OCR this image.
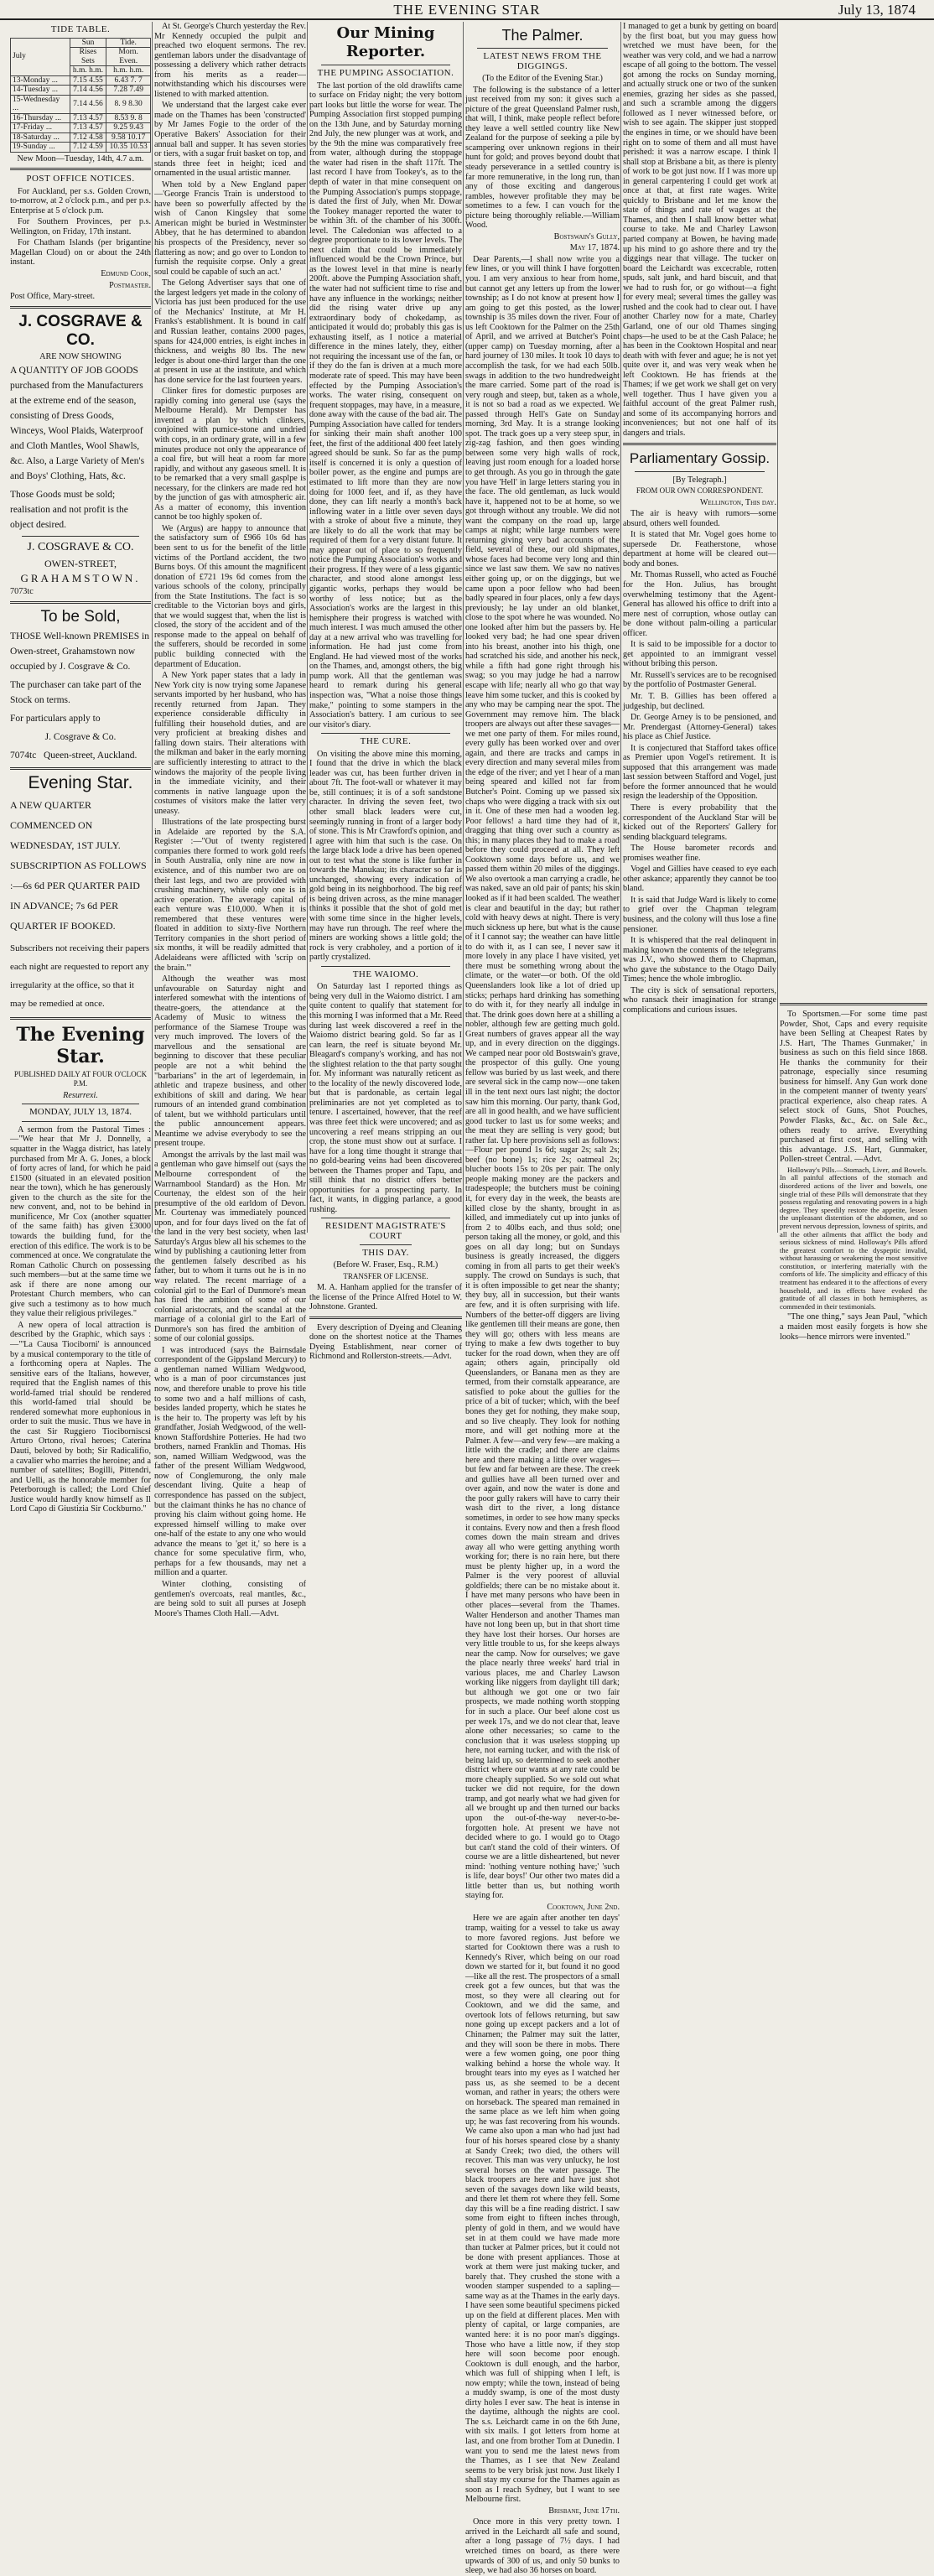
THE EVENING STAR	July 13, 1874
TIDE TABLE.
July	Sun	Tide.
	Rises Sets	Morn. Even.
	h.m. h.m.	h.m. h.m.
13-Monday ...	7.15 4.55	6.43 7. 7
14-Tuesday ...	7.14 4.56	7.28 7.49
15-Wednesday ...	7.14 4.56	8. 9 8.30
16-Thursday ...	7.13 4.57	8.53 9. 8
17-Friday ...	7.13 4.57	9.25 9.43
18-Saturday ...	7.12 4.58	9.58 10.17
19-Sunday ...	7.12 4.59	10.35 10.53

New Moon—Tuesday, 14th, 4.7 a.m.

POST OFFICE NOTICES.

For Auckland, per s.s. Golden Crown, to-morrow, at 2 o'clock p.m., and per p.s. Enterprise at 5 o'clock p.m.

For Southern Provinces, per p.s. Wellington, on Friday, 17th instant.

For Chatham Islands (per brigantine Magellan Cloud) on or about the 24th instant.

Edmund Cook,

Postmaster.

Post Office, Mary-street.

J. COSGRAVE & CO.

ARE NOW SHOWING

A QUANTITY OF JOB GOODS purchased from the Manufacturers at the extreme end of the season, consisting of Dress Goods, Winceys, Wool Plaids, Waterproof and Cloth Mantles, Wool Shawls, &c. Also, a Large Variety of Men's and Boys' Clothing, Hats, &c.

Those Goods must be sold; realisation and not profit is the object desired.

J. COSGRAVE & CO.

OWEN-STREET,

GRAHAMSTOWN.

7073tc

To be Sold,

THOSE Well-known PREMISES in Owen-street, Grahamstown now occupied by J. Cosgrave & Co.

The purchaser can take part of the Stock on terms.

For particulars apply to

J. Cosgrave & Co.

7074tc Queen-street, Auckland.

Evening Star.

A NEW QUARTER COMMENCED ON WEDNESDAY, 1ST JULY. SUBSCRIPTION AS FOLLOWS :—6s 6d PER QUARTER PAID IN ADVANCE; 7s 6d PER QUARTER IF BOOKED.

Subscribers not receiving their papers each night are requested to report any irregularity at the office, so that it may be remedied at once.

The Evening Star.

PUBLISHED DAILY AT FOUR O'CLOCK P.M.

Resurrexi.

MONDAY, JULY 13, 1874.

A sermon from the Pastoral Times :—"We hear that Mr J. Donnelly, a squatter in the Wagga district, has lately purchased from Mr A. G. Jones, a block of forty acres of land, for which he paid £1500 (situated in an elevated position near the town), which he has generously given to the church as the site for the new convent, and, not to be behind in munificence, Mr Cox (another squatter of the same faith) has given £3000 towards the building fund, for the erection of this edifice. The work is to be commenced at once. We congratulate the Roman Catholic Church on possessing such members—but at the same time we ask if there are none among our Protestant Church members, who can give such a testimony as to how much they value their religious privileges."

A new opera of local attraction is described by the Graphic, which says :—"'La Causa Tiociborni' is announced by a musical contemporary to the title of a forthcoming opera at Naples. The sensitive ears of the Italians, however, required that the English names of this world-famed trial should be rendered this world-famed trial should be rendered somewhat more euphonious in order to suit the music. Thus we have in the cast Sir Ruggiero Tiociborniscsi Arturo Ortono, rival heroes; Caterina Dauti, beloved by both; Sir Radicalifio, a cavalier who marries the heroine; and a number of satellites; Bogilli, Pittendri, and Uelli, as the honorable member for Peterborough is called; the Lord Chief Justice would hardly know himself as Il Lord Capo di Giustizia Sir Cockburno."

At St. George's Church yesterday the Rev. Mr Kennedy occupied the pulpit and preached two eloquent sermons. The rev. gentleman labors under the disadvantage of possessing a delivery which rather detracts from his merits as a reader—notwithstanding which his discourses were listened to with marked attention.

We understand that the largest cake ever made on the Thames has been 'constructed' by Mr James Fogie to the order of the Operative Bakers' Association for their annual ball and supper. It has seven stories or tiers, with a sugar fruit basket on top, and stands three feet in height; iced and ornamented in the usual artistic manner.

When told by a New England paper—'George Francis Train is understood to have been so powerfully affected by the wish of Canon Kingsley that some American might be buried in Westminster Abbey, that he has determined to abandon his prospects of the Presidency, never so flattering as now; and go over to London to furnish the requisite corpse. Only a great soul could be capable of such an act.'

The Gelong Advertiser says that one of the largest ledgers yet made in the colony of Victoria has just been produced for the use of the Mechanics' Institute, at Mr H. Franks's establishment. It is bound in calf and Russian leather, contains 2000 pages, spans for 424,000 entries, is eight inches in thickness, and weighs 80 lbs. The new ledger is about one-third larger than the one at present in use at the institute, and which has done service for the last fourteen years.

Clinker fires for domestic purposes are rapidly coming into general use (says the Melbourne Herald). Mr Dempster has invented a plan by which clinkers, conjoined with pumice-stone and undried with cops, in an ordinary grate, will in a few minutes produce not only the appearance of a coal fire, but will heat a room far more rapidly, and without any gaseous smell. It is to be remarked that a very small gasplpe is necessary, for the clinkers are made red hot by the junction of gas with atmospheric air. As a matter of economy, this invention cannot be too highly spoken of.

We (Argus) are happy to announce that the satisfactory sum of £966 10s 6d has been sent to us for the benefit of the little victims of the Portland accident, the two Burns boys. Of this amount the magnificent donation of £721 19s 6d comes from the various schools of the colony, principally from the State Institutions. The fact is so creditable to the Victorian boys and girls, that we would suggest that, when the list is closed, the story of the accident and of the response made to the appeal on behalf of the sufferers, should be recorded in some public building connected with the department of Education.

A New York paper states that a lady in New York city is now trying some Japanese servants imported by her husband, who has recently returned from Japan. They experience considerable difficulty in fulfilling their household duties, and are very proficient at breaking dishes and falling down stairs. Their alterations with the milkman and baker in the early morning are sufficiently interesting to attract to the windows the majority of the people living in the immediate vicinity, and their comments in native language upon the costumes of visitors make the latter very uneasy.

Illustrations of the late prospecting burst in Adelaide are reported by the S.A. Register :—"Out of twenty registered companies there formed to work gold reefs in South Australia, only nine are now in existence, and of this number two are on their last legs, and two are provided with crushing machinery, while only one is in active operation. The average capital of each venture was £10,000. When it is remembered that these ventures were floated in addition to sixty-five Northern Territory companies in the short period of six months, it will be readily admitted that Adelaideans were afflicted with 'scrip on the brain.'"

Although the weather was most unfavourable on Saturday night and interfered somewhat with the intentions of theatre-goers, the attendance at the Academy of Music to witness the performance of the Siamese Troupe was very much improved. The lovers of the marvellous and the sensational are beginning to discover that these peculiar people are not a whit behind the "barbarians" in the art of legerdemain, in athletic and trapeze business, and other exhibitions of skill and daring. We hear rumours of an intended grand combination of talent, but we withhold particulars until the public announcement appears. Meantime we advise everybody to see the present troupe.

Amongst the arrivals by the last mail was a gentleman who gave himself out (says the Melbourne correspondent of the Warrnambool Standard) as the Hon. Mr Courtenay, the eldest son of the heir presumptive of the old earldom of Devon. Mr. Courtenay was immediately pounced upon, and for four days lived on the fat of the land in the very best society, when last Saturday's Argus blew all his schemes to the wind by publishing a cautioning letter from the gentlemen falsely described as his father, but to whom it turns out he is in no way related. The recent marriage of a colonial girl to the Earl of Dunmore's mean has fired the ambition of some of our colonial aristocrats, and the scandal at the marriage of a colonial girl to the Earl of Dunmore's son has fired the ambition of some of our colonial gossips.

I was introduced (says the Bairnsdale correspondent of the Gippsland Mercury) to a gentleman named William Wedgwood, who is a man of poor circumstances just now, and therefore unable to prove his title to some two and a half millions of cash, besides landed property, which he states he is the heir to. The property was left by his grandfather, Josiah Wedgwood, of the well-known Staffordshire Potteries. He had two brothers, named Franklin and Thomas. His son, named William Wedgwood, was the father of the present William Wedgwood, now of Conglemurong, the only male descendant living. Quite a heap of correspondence has passed on the subject, but the claimant thinks he has no chance of proving his claim without going home. He expressed himself willing to make over one-half of the estate to any one who would advance the means to 'get it,' so here is a chance for some speculative firm, who, perhaps for a few thousands, may net a million and a quarter.

Winter clothing, consisting of gentlemen's overcoats, real mantles, &c., are being sold to suit all purses at Joseph Moore's Thames Cloth Hall.—Advt.

Our Mining Reporter.
THE PUMPING ASSOCIATION.

The last portion of the old drawlifts came to surface on Friday night; the very bottom part looks but little the worse for wear. The Pumping Association first stopped pumping on the 13th June, and by Saturday morning 2nd July, the new plunger was at work, and by the 9th the mine was comparatively free from water, although during the stoppage the water had risen in the shaft 117ft. The last record I have from Tookey's, as to the depth of water in that mine consequent on the Pumping Association's pumps stoppage, is dated the first of July, when Mr. Dowar the Tookey manager reported the water to be within 3ft. of the chamber of his 300ft. level. The Caledonian was affected to a degree proportionate to its lower levels. The next claim that could be immediately influenced would be the Crown Prince, but as the lowest level in that mine is nearly 200ft. above the Pumping Association shaft, the water had not sufficient time to rise and have any influence in the workings; neither did the rising water drive up any extraordinary body of chokedamp, as anticipated it would do; probably this gas is exhausting itself, as I notice a material difference in the mines lately, they, either not requiring the incessant use of the fan, or if they do the fan is driven at a much more moderate rate of speed. This may have been effected by the Pumping Association's works. The water rising, consequent on frequent stoppages, may have, in a measure, done away with the cause of the bad air. The Pumping Association have called for tenders for sinking their main shaft another 100 feet, the first of the additional 400 feet lately agreed should be sunk. So far as the pump itself is concerned it is only a question of boiler power, as the engine and pumps are estimated to lift more than they are now doing for 1000 feet, and if, as they have done, they can lift nearly a month's back inflowing water in a little over seven days with a stroke of about five a minute, they are likely to do all the work that may be required of them for a very distant future. It may appear out of place to so frequently notice the Pumping Association's works and their progress. If they were of a less gigantic character, and stood alone amongst less gigantic works, perhaps they would be worthy of less notice; but as the Association's works are the largest in this hemisphere their progress is watched with much interest. I was much amused the other day at a new arrival who was travelling for information. He had just come from England. He had viewed most of the works on the Thames, and, amongst others, the big pump work. All that the gentleman was heard to remark during his general inspection was, "What a noise those things make," pointing to some stampers in the Association's battery. I am curious to see our visitor's diary.

THE CURE.

On visiting the above mine this morning, I found that the drive in which the black leader was cut, has been further driven in about 7ft. The foot-wall or whatever it may be, still continues; it is of a soft sandstone character. In driving the seven feet, two other small black leaders were cut, seemingly running in front of a larger body of stone. This is Mr Crawford's opinion, and I agree with him that such is the case. On the large black lode a drive has been opened out to test what the stone is like further in towards the Manukau; its character so far is unchanged, showing every indication of gold being in its neighborhood. The big reef is being driven across, as the mine manager thinks it possible that the shot of gold met with some time since in the higher levels, may have run through. The reef where the miners are working shows a little gold; the rock is very crabholey, and a portion of it partly crystalized.

THE WAIOMO.

On Saturday last I reported things as being very dull in the Waiomo district. I am quite content to qualify that statement for this morning I was informed that a Mr. Reed during last week discovered a reef in the Waiomo district bearing gold. So far as I can learn, the reef is situate beyond Mr. Bleagard's company's working, and has not the slightest relation to the that party sought for. My informant was naturally reticent as to the locality of the newly discovered lode, but that is pardonable, as certain legal preliminaries are not yet completed as to tenure. I ascertained, however, that the reef was three feet thick were uncovered; and as uncovering a reef means stripping an out crop, the stone must show out at surface. I have for a long time thought it strange that no gold-bearing veins had been discovered between the Thames proper and Tapu, and still think that no district offers better opportunities for a prospecting party. In fact, it wants, in digging parlance, a good rushing.

RESIDENT MAGISTRATE'S COURT
THIS DAY.

(Before W. Fraser, Esq., R.M.)

TRANSFER OF LICENSE.

M. A. Hanham applied for the transfer of the license of the Prince Alfred Hotel to W. Johnstone. Granted.

Every description of Dyeing and Cleaning done on the shortest notice at the Thames Dyeing Establishment, near corner of Richmond and Rollerston-streets.—Advt.

The Palmer.
LATEST NEWS FROM THE DIGGINGS.

(To the Editor of the Evening Star.)

The following is the substance of a letter just received from my son: it gives such a picture of the great Queensland Palmer rush, that will, I think, make people reflect before they leave a well settled country like New Zealand for the purpose of seeking a pile by scampering over unknown regions in their hunt for gold; and proves beyond doubt that steady perseverance in a settled country is far more remunerative, in the long run, than any of those exciting and dangerous rambles, however profitable they may be sometimes to a few. I can vouch for the picture being thoroughly reliable.—William Wood.

Bostswain's Gully,

May 17, 1874.

Dear Parents,—I shall now write you a few lines, or you will think I have forgotten you. I am very anxious to hear from home, but cannot get any letters up from the lower township; as I do not know at present how I am going to get this posted, as the lower township is 35 miles down the river. Four of us left Cooktown for the Palmer on the 25th of April, and we arrived at Butcher's Point (upper camp) on Tuesday morning, after a hard journey of 130 miles. It took 10 days to accomplish the task, for we had each 50lb. swags in addition to the two hundredweight the mare carried. Some part of the road is very rough and steep, but, taken as a whole, it is not so bad a road as we expected. We passed through Hell's Gate on Sunday morning, 3rd May. It is a strange looking spot. The track goes up a very steep spur, in zig-zag fashion, and then goes winding between some very high walls of rock, leaving just room enough for a loaded horse to get through. As you go in through the gate you have 'Hell' in large letters staring you in the face. The old gentleman, as luck would have it, happened not to be at home, so we got through without any trouble. We did not want the company on the road up, large camps at night; while large numbers were returning giving very bad accounts of the field, several of these, our old shipmates, whose faces had become very long and thin since we last saw them. We saw no natives either going up, or on the diggings, but we came upon a poor fellow who had been badly speared in four places, only a few days previously; he lay under an old blanket, close to the spot where he was wounded. No one looked after him but the passers by. He looked very bad; he had one spear driven into his breast, another into his thigh, one had scratched his side, and another his neck, while a fifth had gone right through his swag; so you may judge he had a narrow escape with life; nearly all who go that way leave him some tucker, and this is cooked by any who may be camping near the spot. The Government may remove him. The black troopers are always out after these savages—we met one party of them. For miles round, every gully has been worked over and over again, and there are tracks and camps in every direction and many several miles from the edge of the river; and yet I hear of a man being speared and killed not far from Butcher's Point. Coming up we passed six chaps who were digging a track with six out in it. One of these men had a wooden leg. Poor fellows! a hard time they had of it, dragging that thing over such a country as this; in many places they had to make a road before they could proceed at all. They left Cooktown some days before us, and we passed them within 20 miles of the diggings. We also overtook a man carrying a cradle, he was naked, save an old pair of pants; his skin looked as if it had been scalded. The weather is clear and beautiful in the day; but rather cold with heavy dews at night. There is very much sickness up here, but what is the cause of it I cannot say; the weather can have little to do with it, as I can see, I never saw it more lovely in any place I have visited, yet there must be something wrong about the climate, or the water—or both. Of the old Queenslanders look like a lot of dried up sticks; perhaps hard drinking has something to do with it, for they nearly all indulge in that. The drink goes down here at a shilling a nobler, although few are getting much gold. Great numbers of graves appear all the way up, and in every direction on the diggings. We camped near poor old Bostswain's grave, the prospector of this gully. One young fellow was buried by us last week, and there are several sick in the camp now—one taken ill in the tent next ours last night; the doctor saw him this morning. Our party, thank God, are all in good health, and we have sufficient good tucker to last us for some weeks; and the meat they are selling is very good; but rather fat. Up here provisions sell as follows:—Flour per pound 1s 6d; sugar 2s; salt 2s; beef (no bone) 1s; rice 2s; oatmeal 2s; blucher boots 15s to 20s per pair. The only people making money are the packers and tradespeople; the butchers must be coining it, for every day in the week, the beasts are killed close by the shanty, brought in as killed, and immediately cut up into junks of from 2 to 40lbs each, and thus sold; one person taking all the money, or gold, and this goes on all day long; but on Sundays business is greatly increased, the diggers coming in from all parts to get their week's supply. The crowd on Sundays is such, that it is often impossible to get near the shanty; they buy, all in succession, but their wants are few, and it is often surprising with life. Numbers of the better-off diggers are living like gentlemen till their means are gone, then they will go; others with less means are trying to make a few dwts together to buy tucker for the road down, when they are off again; others again, principally old Queenslanders, or Banana men as they are termed, from their cornstalk appearance, are satisfied to poke about the gullies for the price of a bit of tucker; which, with the beef bones they get for nothing, they make soup, and so live cheaply. They look for nothing more, and will get nothing more at the Palmer. A few—and very few—are making a little with the cradle; and there are claims here and there making a little over wages—but few and far between are these. The creek and gullies have all been turned over and over again, and now the water is done and the poor gully rakers will have to carry their wash dirt to the river, a long distance sometimes, in order to see how many specks it contains. Every now and then a fresh flood comes down the main stream and drives away all who were getting anything worth working for; there is no rain here, but there must be plenty higher up, in a word the Palmer is the very poorest of alluvial goldfields; there can be no mistake about it. I have met many persons who have been in other places—several from the Thames. Walter Henderson and another Thames man have not long been up, but in that short time they have lost their horses. Our horses are very little trouble to us, for she keeps always near the camp. Now for ourselves; we gave the place nearly three weeks' hard trial in various places, me and Charley Lawson working like niggers from daylight till dark; but although we got one or two fair prospects, we made nothing worth stopping for in such a place. Our beef alone cost us per week 17s, and we do not clear that, leave alone other necessaries; so came to the conclusion that it was useless stopping up here, not earning tucker, and with the risk of being laid up, so determined to seek another district where our wants at any rate could be more cheaply supplied. So we sold out what tucker we did not require, for the down tramp, and got nearly what we had given for all we brought up and then turned our backs upon the out-of-the-way never-to-be-forgotten hole. At present we have not decided where to go. I would go to Otago but can't stand the cold of their winters. Of course we are a little disheartened, but never mind: 'nothing venture nothing have;' 'such is life, dear boys!' Our other two mates did a little better than us, but nothing worth staying for.

Cooktown, June 2nd.

Here we are again after another ten days' tramp, waiting for a vessel to take us away to more favored regions. Just before we started for Cooktown there was a rush to Kennedy's River, which being on our road down we started for it, but found it no good—like all the rest. The prospectors of a small creek got a few ounces, but that was the most, so they were all clearing out for Cooktown, and we did the same, and overtook lots of fellows returning, but saw none going up except packers and a lot of Chinamen; the Palmer may suit the latter, and they will soon be there in mobs. There were a few women going, one poor thing walking behind a horse the whole way. It brought tears into my eyes as I watched her pass us, as she seemed to be a decent woman, and rather in years; the others were on horseback. The speared man remained in the same place as we left him when going up; he was fast recovering from his wounds. We came also upon a man who had just had four of his horses speared close by a shanty at Sandy Creek; two died, the others will recover. This man was very unlucky, he lost several horses on the water passage. The black troopers are here and have just shot seven of the savages down like wild beasts, and there let them rot where they fell. Some day this will be a fine reading district. I saw some from eight to fifteen inches through, plenty of gold in them, and we would have set in at them could we have made more than tucker at Palmer prices, but it could not be done with present appliances. Those at work at them were just making tucker, and barely that. They crushed the stone with a wooden stamper suspended to a sapling—same way as at the Thames in the early days. I have seen some beautiful specimens picked up on the field at different places. Men with plenty of capital, or large companies, are wanted here: it is no poor man's diggings. Those who have a little now, if they stop here will soon become poor enough. Cooktown is dull enough, and the harbor, which was full of shipping when I left, is now empty; while the town, instead of being a muddy swamp, is one of the most dusty dirty holes I ever saw. The heat is intense in the daytime, although the nights are cool. The s.s. Leichardt came in on the 6th June, with six mails. I got letters from home at last, and one from brother Tom at Dunedin. I want you to send me the latest news from the Thames, as I see that New Zealand seems to be very brisk just now. Just likely I shall stay my course for the Thames again as soon as I reach Sydney, but I want to see Melbourne first.

Brisbane, June 17th.

Once more in this very pretty town. I arrived in the Leichardt all safe and sound, after a long passage of 7½ days. I had wretched times on board, as there were upwards of 300 of us, and only 50 bunks to sleep, we had also 36 horses on board.

I managed to get a bunk by getting on board by the first boat, but you may guess how wretched we must have been, for the weather was very cold, and we had a narrow escape of all going to the bottom. The vessel got among the rocks on Sunday morning, and actually struck one or two of the sunken enemies, grazing her sides as she passed, and such a scramble among the diggers followed as I never witnessed before, or wish to see again. The skipper just stopped the engines in time, or we should have been right on to some of them and all must have perished: it was a narrow escape. I think I shall stop at Brisbane a bit, as there is plenty of work to be got just now. If I was more up in general carpentering I could get work at once at that, at first rate wages. Write quickly to Brisbane and let me know the state of things and rate of wages at the Thames, and then I shall know better what course to take. Me and Charley Lawson parted company at Bowen, he having made up his mind to go ashore there and try the diggings near that village. The tucker on board the Leichardt was excecrable, rotten spuds, salt junk, and hard biscuit, and that we had to rush for, or go without—a fight for every meal; several times the galley was rushed and the cook had to clear out. I have another Charley now for a mate, Charley Garland, one of our old Thames singing chaps—he used to be at the Cash Palace; he has been in the Cooktown Hospital and near death with with fever and ague; he is not yet quite over it, and was very weak when he left Cooktown. He has friends at the Thames; if we get work we shall get on very well together. Thus I have given you a faithful account of the great Palmer rush, and some of its accompanying horrors and inconveniences; but not one half of its dangers and trials.

Parliamentary Gossip.

[By Telegraph.]

FROM OUR OWN CORRESPONDENT.

Wellington, This day.

The air is heavy with rumors—some absurd, others well founded.

It is stated that Mr. Vogel goes home to supersede Dr. Featherstone, whose department at home will be cleared out—body and bones.

Mr. Thomas Russell, who acted as Fouché for the Hon. Julius, has brought overwhelming testimony that the Agent-General has allowed his office to drift into a mere nest of corruption, whose outlay can be done without palm-oiling a particular officer.

It is said to be impossible for a doctor to get appointed to an immigrant vessel without bribing this person.

Mr. Russell's services are to be recognised by the portfolio of Postmaster General.

Mr. T. B. Gillies has been offered a judgeship, but declined.

Dr. George Arney is to be pensioned, and Mr. Prendergast (Attorney-General) takes his place as Chief Justice.

It is conjectured that Stafford takes office as Premier upon Vogel's retirement. It is supposed that this arrangement was made last session between Stafford and Vogel, just before the former announced that he would resign the leadership of the Opposition.

There is every probability that the correspondent of the Auckland Star will be kicked out of the Reporters' Gallery for sending blackguard telegrams.

The House barometer records and promises weather fine.

Vogel and Gillies have ceased to eye each other askance; apparently they cannot be too bland.

It is said that Judge Ward is likely to come to grief over the Chapman telegram business, and the colony will thus lose a fine pensioner.

It is whispered that the real delinquent in making known the contents of the telegrams was J.V., who showed them to Chapman, who gave the substance to the Otago Daily Times; hence the whole imbroglio.

The city is sick of sensational reporters, who ransack their imagination for strange complications and curious issues.	To Sportsmen.—For some time past Powder, Shot, Caps and every requisite have been Selling at Cheapest Rates by J.S. Hart, 'The Thames Gunmaker,' in business as such on this field since 1868. He thanks the community for their patronage, especially since resuming business for himself. Any Gun work done in the competent manner of twenty years' practical experience, also cheap rates. A select stock of Guns, Shot Pouches, Powder Flasks, &c., &c. on Sale &c., others ready to arrive. Everything purchased at first cost, and selling with this advantage. J.S. Hart, Gunmaker, Pollen-street Central. —Advt.

Holloway's Pills.—Stomach, Liver, and Bowels. In all painful affections of the stomach and disordered actions of the liver and bowels, one single trial of these Pills will demonstrate that they possess regulating and renovating powers in a high degree. They speedily restore the appetite, lessen the unpleasant distention of the abdomen, and so prevent nervous depression, lowness of spirits, and all the other ailments that afflict the body and serious sickness of mind. Holloway's Pills afford the greatest comfort to the dyspeptic invalid, without harassing or weakening the most sensitive constitution, or interfering materially with the comforts of life. The simplicity and efficacy of this treatment has endeared it to the affections of every household, and its effects have evoked the gratitude of all classes in both hemispheres, as commended in their testimonials.

"The one thing," says Jean Paul, "which a maiden most easily forgets is how she looks—hence mirrors were invented."
